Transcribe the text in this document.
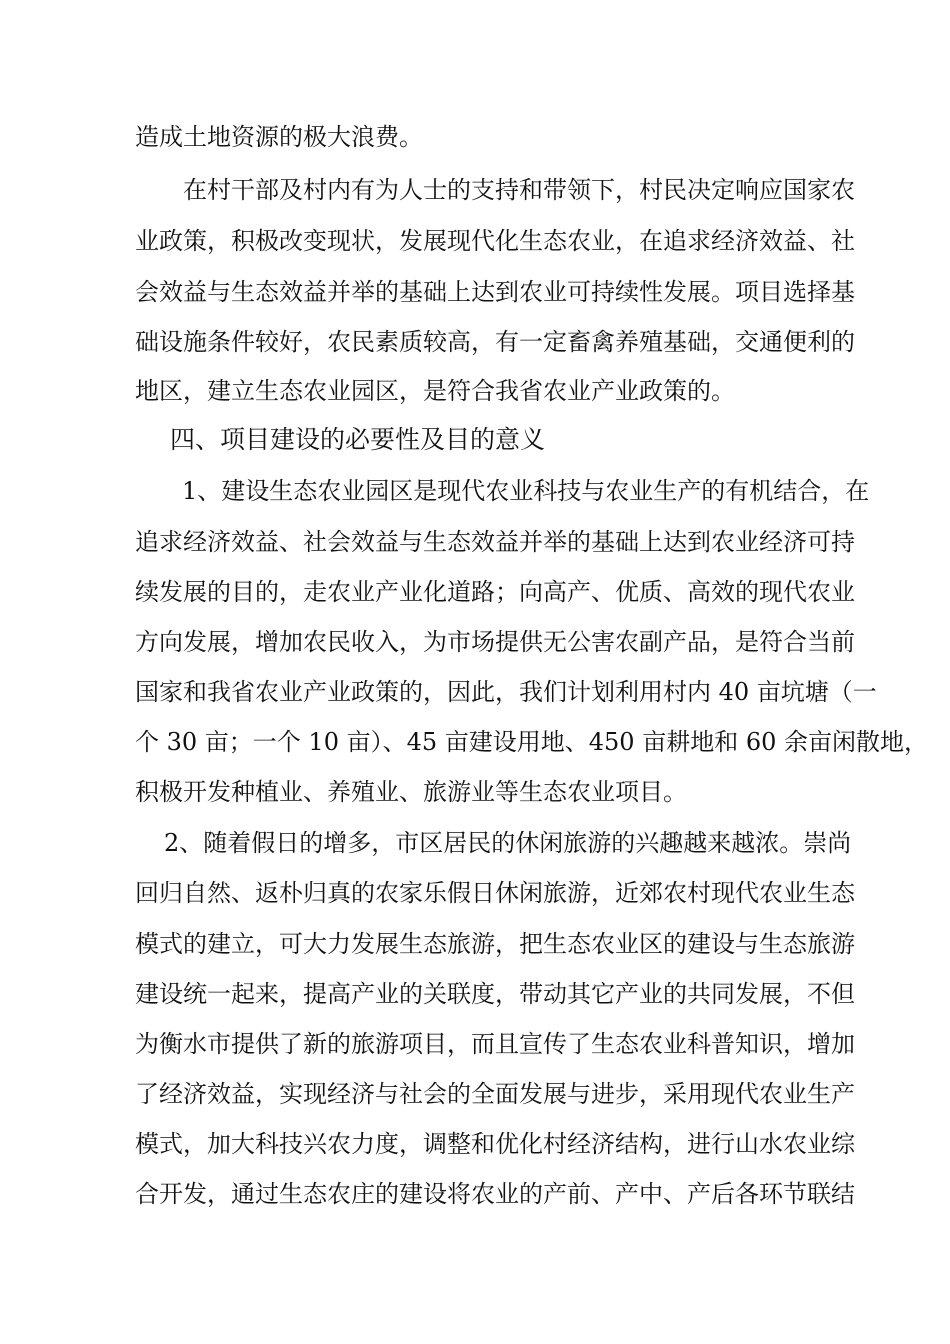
造成土地资源的极大浪费。
在村干部及村内有为人士的支持和带领下，村民决定响应国家农
业政策，积极改变现状，发展现代化生态农业，在追求经济效益、社
会效益与生态效益并举的基础上达到农业可持续性发展。项目选择基
础设施条件较好，农民素质较高，有一定畜禽养殖基础，交通便利的
地区，建立生态农业园区，是符合我省农业产业政策的。
四、项目建设的必要性及目的意义
1、建设生态农业园区是现代农业科技与农业生产的有机结合，在
追求经济效益、社会效益与生态效益并举的基础上达到农业经济可持
续发展的目的，走农业产业化道路；向高产、优质、高效的现代农业
方向发展，增加农民收入，为市场提供无公害农副产品，是符合当前
国家和我省农业产业政策的，因此，我们计划利用村内 40 亩坑塘（一
个 30 亩；一个 10 亩）、45 亩建设用地、450 亩耕地和 60 余亩闲散地，
积极开发种植业、养殖业、旅游业等生态农业项目。
2、随着假日的增多，市区居民的休闲旅游的兴趣越来越浓。崇尚
回归自然、返朴归真的农家乐假日休闲旅游，近郊农村现代农业生态
模式的建立，可大力发展生态旅游，把生态农业区的建设与生态旅游
建设统一起来，提高产业的关联度，带动其它产业的共同发展，不但
为衡水市提供了新的旅游项目，而且宣传了生态农业科普知识，增加
了经济效益，实现经济与社会的全面发展与进步，采用现代农业生产
模式，加大科技兴农力度，调整和优化村经济结构，进行山水农业综
合开发，通过生态农庄的建设将农业的产前、产中、产后各环节联结
